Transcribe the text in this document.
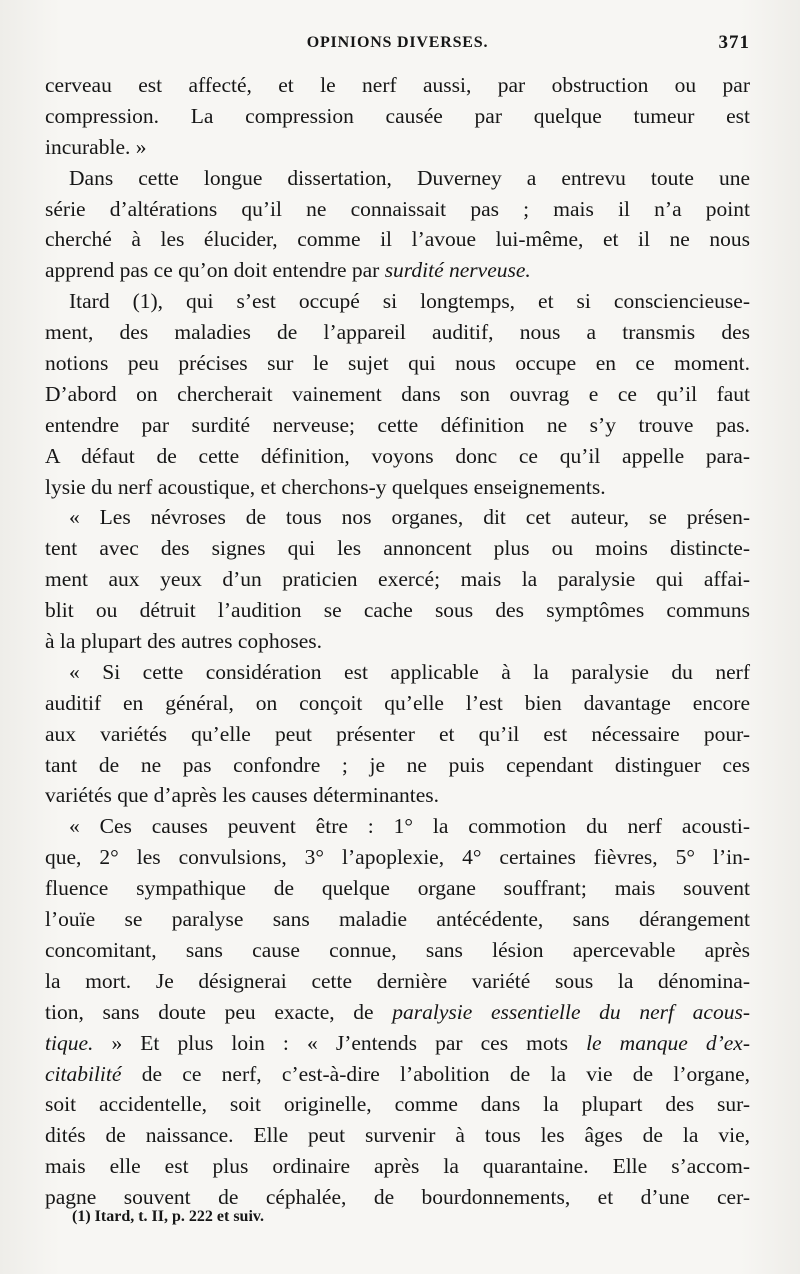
OPINIONS DIVERSES.	371
cerveau est affecté, et le nerf aussi, par obstruction ou par
compression. La compression causée par quelque tumeur est
incurable. »
Dans cette longue dissertation, Duverney a entrevu toute une
série d’altérations qu’il ne connaissait pas ; mais il n’a point
cherché à les élucider, comme il l’avoue lui-même, et il ne nous
apprend pas ce qu’on doit entendre par surdité nerveuse.
Itard (1), qui s’est occupé si longtemps, et si consciencieuse-
ment, des maladies de l’appareil auditif, nous a transmis des
notions peu précises sur le sujet qui nous occupe en ce moment.
D’abord on chercherait vainement dans son ouvrag e ce qu’il faut
entendre par surdité nerveuse; cette définition ne s’y trouve pas.
A défaut de cette définition, voyons donc ce qu’il appelle para-
lysie du nerf acoustique, et cherchons-y quelques enseignements.
« Les névroses de tous nos organes, dit cet auteur, se présen-
tent avec des signes qui les annoncent plus ou moins distincte-
ment aux yeux d’un praticien exercé; mais la paralysie qui affai-
blit ou détruit l’audition se cache sous des symptômes communs
à la plupart des autres cophoses.
« Si cette considération est applicable à la paralysie du nerf
auditif en général, on conçoit qu’elle l’est bien davantage encore
aux variétés qu’elle peut présenter et qu’il est nécessaire pour-
tant de ne pas confondre ; je ne puis cependant distinguer ces
variétés que d’après les causes déterminantes.
« Ces causes peuvent être : 1° la commotion du nerf acousti-
que, 2° les convulsions, 3° l’apoplexie, 4° certaines fièvres, 5° l’in-
fluence sympathique de quelque organe souffrant; mais souvent
l’ouïe se paralyse sans maladie antécédente, sans dérangement
concomitant, sans cause connue, sans lésion apercevable après
la mort. Je désignerai cette dernière variété sous la dénomina-
tion, sans doute peu exacte, de paralysie essentielle du nerf acous-
tique. » Et plus loin : « J’entends par ces mots le manque d’ex-
citabilité de ce nerf, c’est-à-dire l’abolition de la vie de l’organe,
soit accidentelle, soit originelle, comme dans la plupart des sur-
dités de naissance. Elle peut survenir à tous les âges de la vie,
mais elle est plus ordinaire après la quarantaine. Elle s’accom-
pagne souvent de céphalée, de bourdonnements, et d’une cer-
(1) Itard, t. II, p. 222 et suiv.
